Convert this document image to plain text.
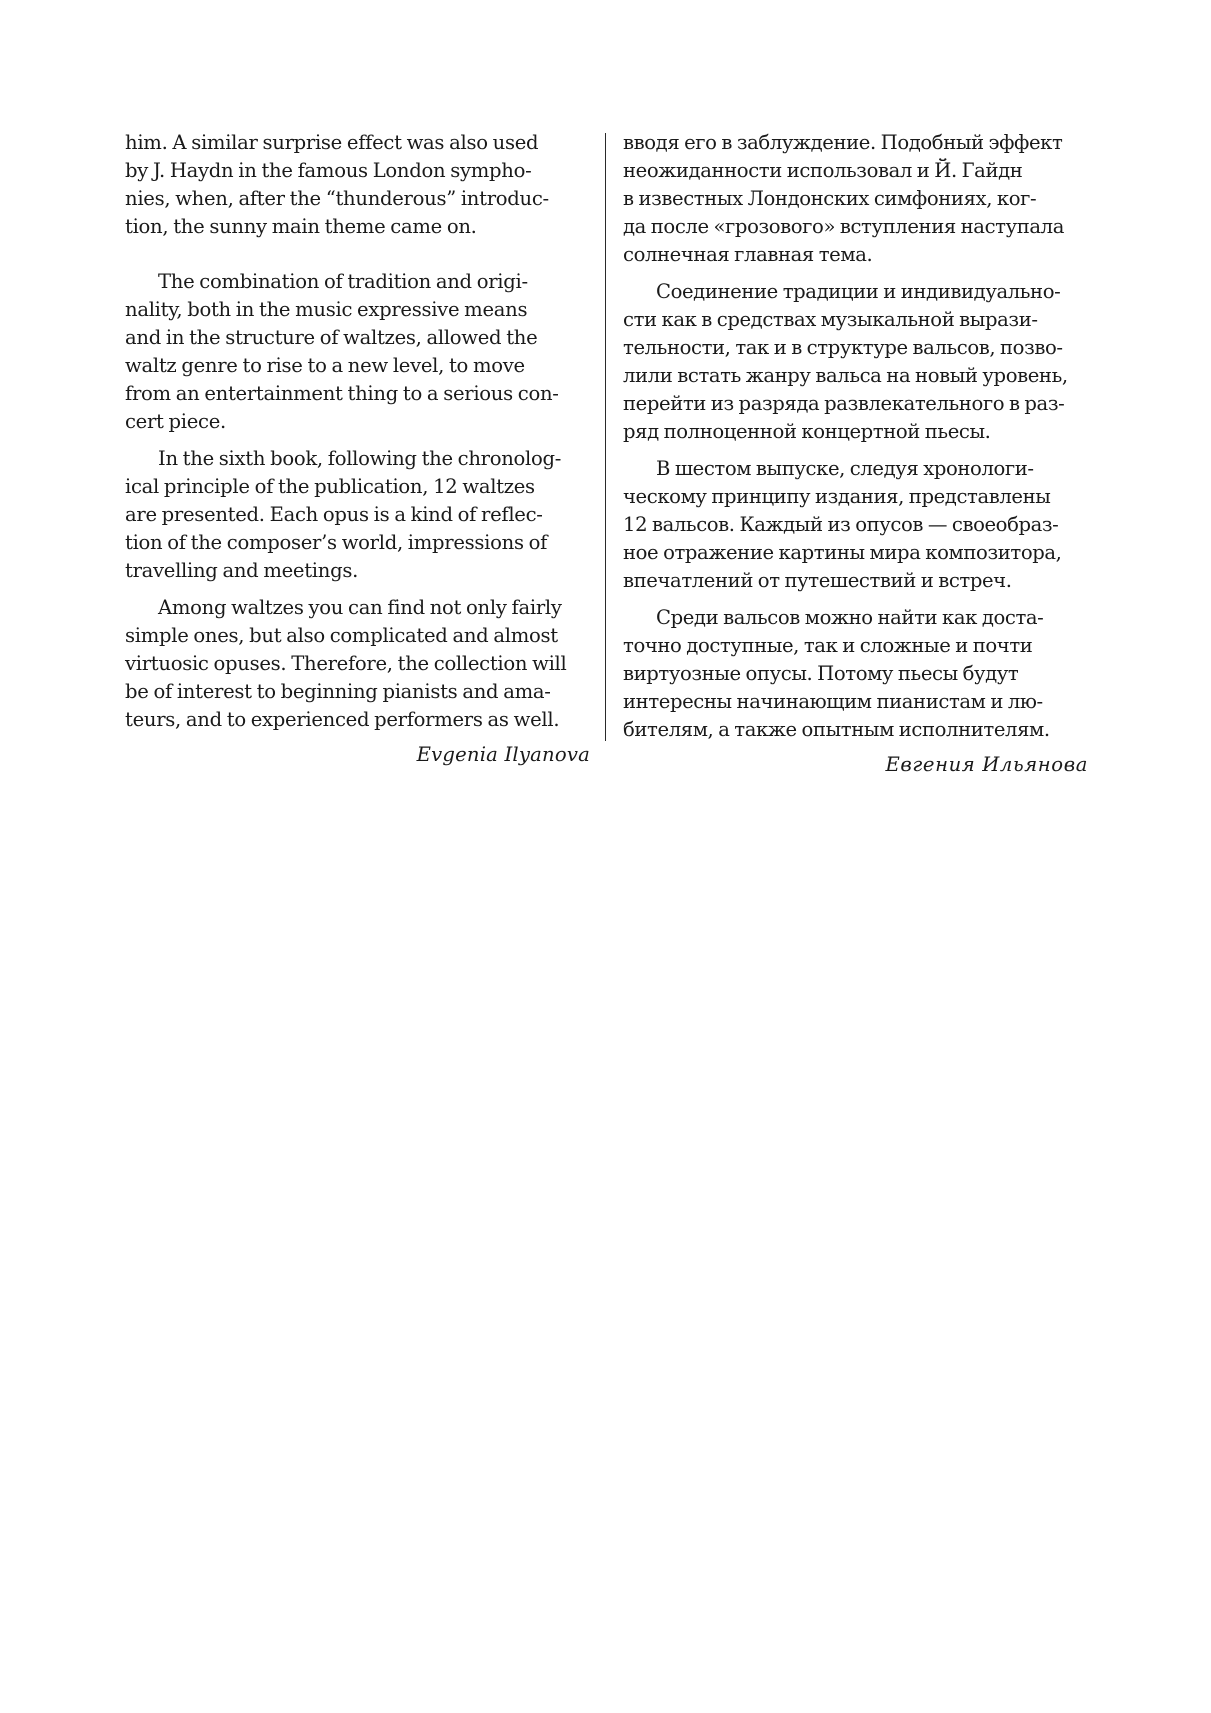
him. A similar surprise effect was also used
by J. Haydn in the famous London sympho-
nies, when, after the “thunderous” introduc-
tion, the sunny main theme came on.

The combination of tradition and origi-
nality, both in the music expressive means
and in the structure of waltzes, allowed the
waltz genre to rise to a new level, to move
from an entertainment thing to a serious con-
cert piece.

In the sixth book, following the chronolog-
ical principle of the publication, 12 waltzes
are presented. Each opus is a kind of reflec-
tion of the composer’s world, impressions of
travelling and meetings.

Among waltzes you can find not only fairly
simple ones, but also complicated and almost
virtuosic opuses. Therefore, the collection will
be of interest to beginning pianists and ama-
teurs, and to experienced performers as well.

Evgenia Ilyanova

вводя его в заблуждение. Подобный эффект
неожиданности использовал и Й. Гайдн
в известных Лондонских симфониях, ког-
да после «грозового» вступления наступала
солнечная главная тема.

Соединение традиции и индивидуально-
сти как в средствах музыкальной вырази-
тельности, так и в структуре вальсов, позво-
лили встать жанру вальса на новый уровень,
перейти из разряда развлекательного в раз-
ряд полноценной концертной пьесы.

В шестом выпуске, следуя хронологи-
ческому принципу издания, представлены
12 вальсов. Каждый из опусов — своеобраз-
ное отражение картины мира композитора,
впечатлений от путешествий и встреч.

Среди вальсов можно найти как доста-
точно доступные, так и сложные и почти
виртуозные опусы. Потому пьесы будут
интересны начинающим пианистам и лю-
бителям, а также опытным исполнителям.

Евгения Ильянова
